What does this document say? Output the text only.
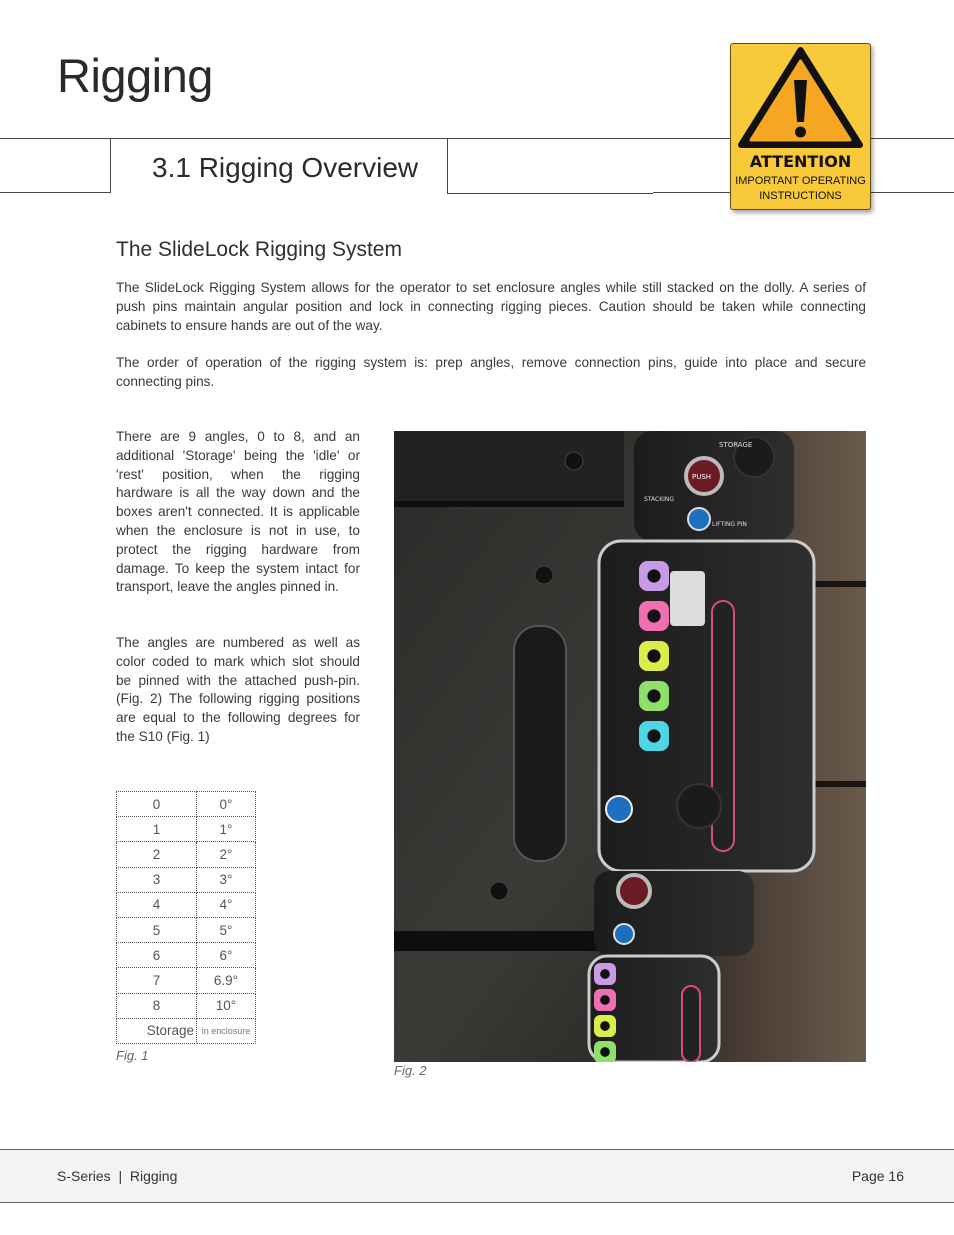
Rigging
3.1 Rigging Overview	ATTENTION
IMPORTANT OPERATING
INSTRUCTIONS
The SlideLock Rigging System
The SlideLock Rigging System allows for the operator to set enclosure angles while still stacked on the dolly. A series of push pins maintain angular position and lock in connecting rigging pieces. Caution should be taken while connecting cabinets to ensure hands are out of the way.
The order of operation of the rigging system is: prep angles, remove connection pins, guide into place and secure connecting pins.
There are 9 angles, 0 to 8, and an additional 'Storage' being the 'idle' or 'rest' position, when the rigging hardware is all the way down and the boxes aren't connected. It is applicable when the enclosure is not in use, to protect the rigging hardware from damage. To keep the system intact for transport, leave the angles pinned in.
The angles are numbered as well as color coded to mark which slot should be pinned with the attached push-pin. (Fig. 2) The following rigging positions are equal to the following degrees for the S10 (Fig. 1)
0	0°
1	1°
2	2°
3	3°
4	4°
5	5°
6	6°
7	6.9°
8	10°
Storage	in enclosure
Fig. 1
STORAGE
STACKING
LIFTING PIN
PUSH
Fig. 2
S-Series  |  Rigging	Page 16
